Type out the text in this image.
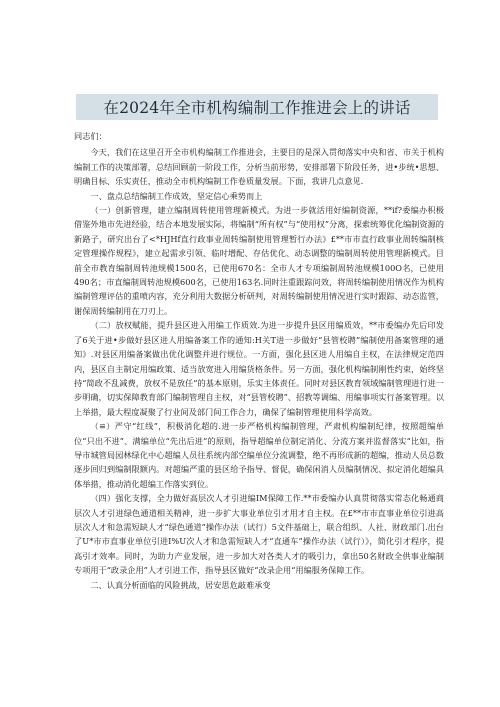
在2024年全市机构编制工作推进会上的讲话

同志们：

今天，我们在这里召开全市机构编制工作推进会，主要目的是深入贯彻落实中央和省、市关于机构编制工作的决策部署，总结回顾前一阶段工作，分析当前形势，安排部署下阶段任务，进•步统•思想、明确目标、乐实责任，推动全市机构编制工作卷质量发展。下面，我讲几点意见.

一、盘点总结编制工作成效，坚定信心乘势而上

（一）创新管理，建立编制周转使用管理新模式。为进一步就活用好编制资源，**if?委编办积极借鉴外地市先进经验，结合本地发展实际，将编制“所有权”与“使用权”分离，探索统筹优化编制资源的新路子，研究出台了<*HJHf直行政事业周转编制使用管理暂行办法》£**市市直行政事业周转编制核定管理操作规程》，建立起需求引领、临时增配、存估优化、动态调整的编制周转使用管理新模式。目前全市教育编制周转池规模1500名，已使用670名：全市人才专项编制周转池规模100O名，已使用490名；市直编制周转池规模600名，已使用163名.同时注重跟踪问效，将周转编制使用情况作为机构编制管理评估的重喷内容，充分利用大数据分析研判，对周转编制使用情况进行实时跟踪、动态监管，谢保周转编制用在刀刃上。

（二）放权赋能，提升县区进入用编工作质效.为进一步提升县区用编质效，**市委编办先后印发了6关于进•步做好县区进人用编备案工作的通知:H关T进一步做好“县管校聘”编制使用备案管理的通知》.对县区用编备案做出优化调整并进行规位。一方面，强化县区进人用编自主权，在法律规定范四内，县区自主制定用编政策、适当放宽进入用编货格条件。另一方面，强化机构编制刚性约束，始终坚持“简政不乱减费，放权不是放任”的基本原则，乐实主体责任。同时对县区教育领域编制管理进行进一步明确，切实保障教育部门编制管理自主权，对“县管校聘”、招教等调编、用编事项实行备案管理。以上举措，最大程度凝聚了行业间及部门间工作合力，确保了编制管理使用科学高效。

（≡）严守“红线”，积极消化超的.进一步严格机构编制管理，严肃机构编制纪律，按照超编单位“只出不进”、满编单位“先出后进”的原则，指导超编单位制定消化、分流方案并监督落实“比如，指导市城管局园林绿化中心超编人员往系统内部空编单位分流调整，绝不再形成新的超编，推动人员总数逐步回归到编制限额内。对超编严重的县区给予指导、督促，确保闲消人员编制情况、拟定消化超编具体举措，推动消化超编工作落实到位。

（四）强化支撑，全力做好高层次人才引进编IM保障工作.**市委编办认真贯彻落实常态化畅通商层次人才引进绿色通道相关精神，进一步扩大事业单位引才用才自主权。在£**市市直事业单位引进高层次人才和急需短缺人才“绿色通道”操作办法（试行）5文件基础上，联合组织、人社、财政部门.出台了U*市市直事业单位引进I%U次人才和急需短缺人才“直通车”操作办法（试行）》，简化引才程序，提高引才效率。同时，为助力产业发展，进一步加大对各类人才的吸引力，拿出50名财政全供事业编制专项用于“政录企用”人才引进工作，指导县区做好“改录企用“用编服务保障工作。

二、认真分析面临的风险挑战，居安思危敲难承变
